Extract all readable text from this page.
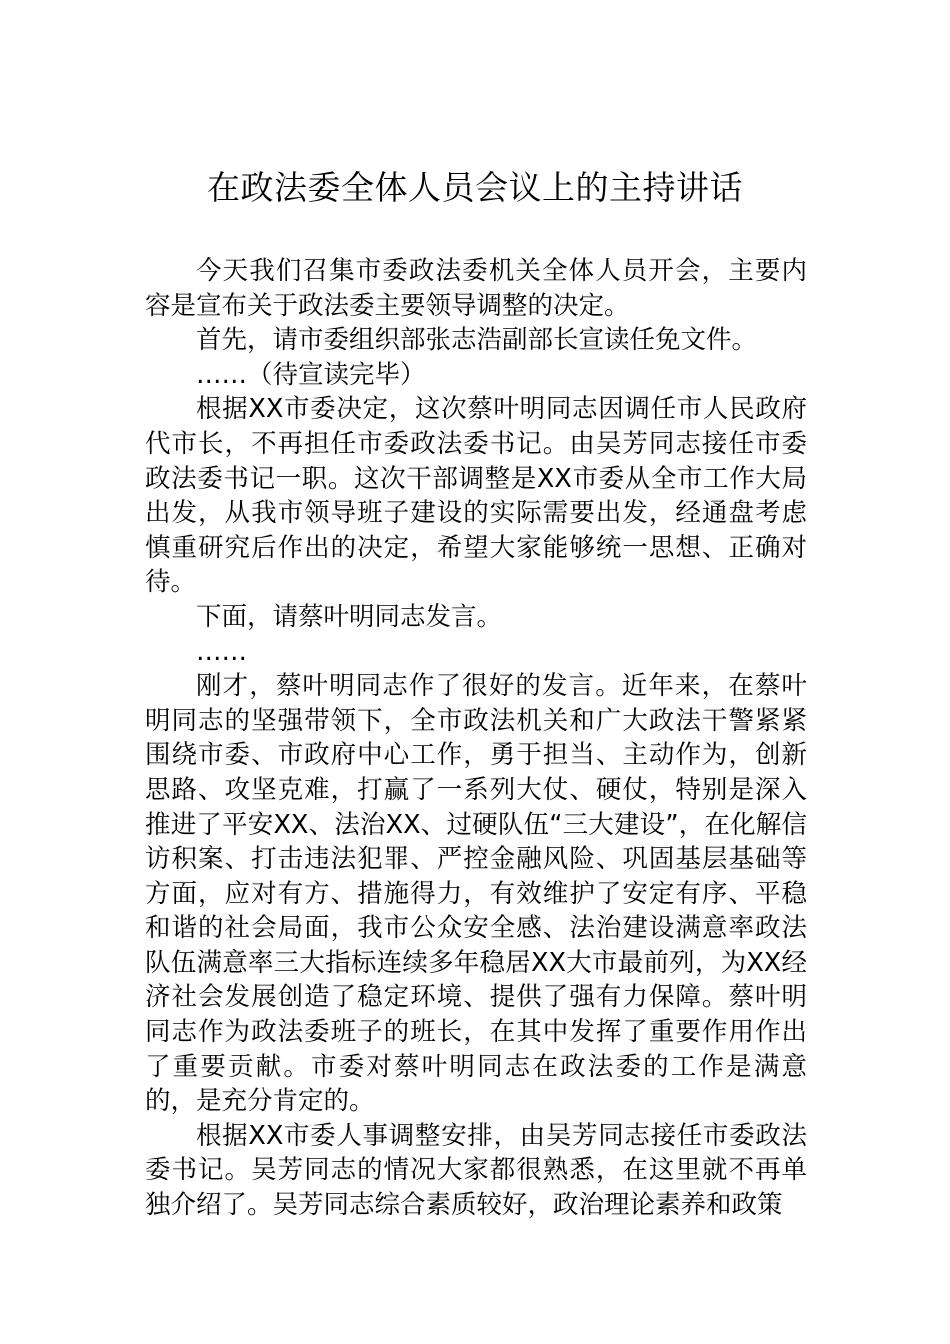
在政法委全体人员会议上的主持讲话

今天我们召集市委政法委机关全体人员开会，主要内容是宣布关于政法委主要领导调整的决定。

首先，请市委组织部张志浩副部长宣读任免文件。

……（待宣读完毕）

根据XX市委决定，这次蔡叶明同志因调任市人民政府代市长，不再担任市委政法委书记。由吴芳同志接任市委政法委书记一职。这次干部调整是XX市委从全市工作大局出发，从我市领导班子建设的实际需要出发，经通盘考虑慎重研究后作出的决定，希望大家能够统一思想、正确对待。

下面，请蔡叶明同志发言。

……

刚才，蔡叶明同志作了很好的发言。近年来，在蔡叶明同志的坚强带领下，全市政法机关和广大政法干警紧紧围绕市委、市政府中心工作，勇于担当、主动作为，创新思路、攻坚克难，打赢了一系列大仗、硬仗，特别是深入推进了平安XX、法治XX、过硬队伍“三大建设”，在化解信访积案、打击违法犯罪、严控金融风险、巩固基层基础等方面，应对有方、措施得力，有效维护了安定有序、平稳和谐的社会局面，我市公众安全感、法治建设满意率政法队伍满意率三大指标连续多年稳居XX大市最前列，为XX经济社会发展创造了稳定环境、提供了强有力保障。蔡叶明同志作为政法委班子的班长，在其中发挥了重要作用作出了重要贡献。市委对蔡叶明同志在政法委的工作是满意的，是充分肯定的。

根据XX市委人事调整安排，由吴芳同志接任市委政法委书记。吴芳同志的情况大家都很熟悉，在这里就不再单独介绍了。吴芳同志综合素质较好，政治理论素养和政策
